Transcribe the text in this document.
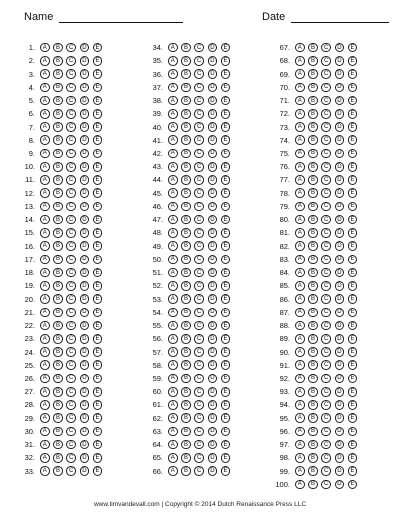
Name	Date
1.	A	B	C	D	E
2.	A	B	C	D	E
3.	A	B	C	D	E
4.	A	B	C	D	E
5.	A	B	C	D	E
6.	A	B	C	D	E
7.	A	B	C	D	E
8.	A	B	C	D	E
9.	A	B	C	D	E
10.	A	B	C	D	E
11.	A	B	C	D	E
12.	A	B	C	D	E
13.	A	B	C	D	E
14.	A	B	C	D	E
15.	A	B	C	D	E
16.	A	B	C	D	E
17.	A	B	C	D	E
18.	A	B	C	D	E
19.	A	B	C	D	E
20.	A	B	C	D	E
21.	A	B	C	D	E
22.	A	B	C	D	E
23.	A	B	C	D	E
24.	A	B	C	D	E
25.	A	B	C	D	E
26.	A	B	C	D	E
27.	A	B	C	D	E
28.	A	B	C	D	E
29.	A	B	C	D	E
30.	A	B	C	D	E
31.	A	B	C	D	E
32.	A	B	C	D	E
33.	A	B	C	D	E
34.	A	B	C	D	E
35.	A	B	C	D	E
36.	A	B	C	D	E
37.	A	B	C	D	E
38.	A	B	C	D	E
39.	A	B	C	D	E
40.	A	B	C	D	E
41.	A	B	C	D	E
42.	A	B	C	D	E
43.	A	B	C	D	E
44.	A	B	C	D	E
45.	A	B	C	D	E
46.	A	B	C	D	E
47.	A	B	C	D	E
48.	A	B	C	D	E
49.	A	B	C	D	E
50.	A	B	C	D	E
51.	A	B	C	D	E
52.	A	B	C	D	E
53.	A	B	C	D	E
54.	A	B	C	D	E
55.	A	B	C	D	E
56.	A	B	C	D	E
57.	A	B	C	D	E
58.	A	B	C	D	E
59.	A	B	C	D	E
60.	A	B	C	D	E
61.	A	B	C	D	E
62.	A	B	C	D	E
63.	A	B	C	D	E
64.	A	B	C	D	E
65.	A	B	C	D	E
66.	A	B	C	D	E
67.	A	B	C	D	E
68.	A	B	C	D	E
69.	A	B	C	D	E
70.	A	B	C	D	E
71.	A	B	C	D	E
72.	A	B	C	D	E
73.	A	B	C	D	E
74.	A	B	C	D	E
75.	A	B	C	D	E
76.	A	B	C	D	E
77.	A	B	C	D	E
78.	A	B	C	D	E
79.	A	B	C	D	E
80.	A	B	C	D	E
81.	A	B	C	D	E
82.	A	B	C	D	E
83.	A	B	C	D	E
84.	A	B	C	D	E
85.	A	B	C	D	E
86.	A	B	C	D	E
87.	A	B	C	D	E
88.	A	B	C	D	E
89.	A	B	C	D	E
90.	A	B	C	D	E
91.	A	B	C	D	E
92.	A	B	C	D	E
93.	A	B	C	D	E
94.	A	B	C	D	E
95.	A	B	C	D	E
96.	A	B	C	D	E
97.	A	B	C	D	E
98.	A	B	C	D	E
99.	A	B	C	D	E
100.	A	B	C	D	E
www.timvandevall.com | Copyright © 2014 Dutch Renaissance Press LLC
